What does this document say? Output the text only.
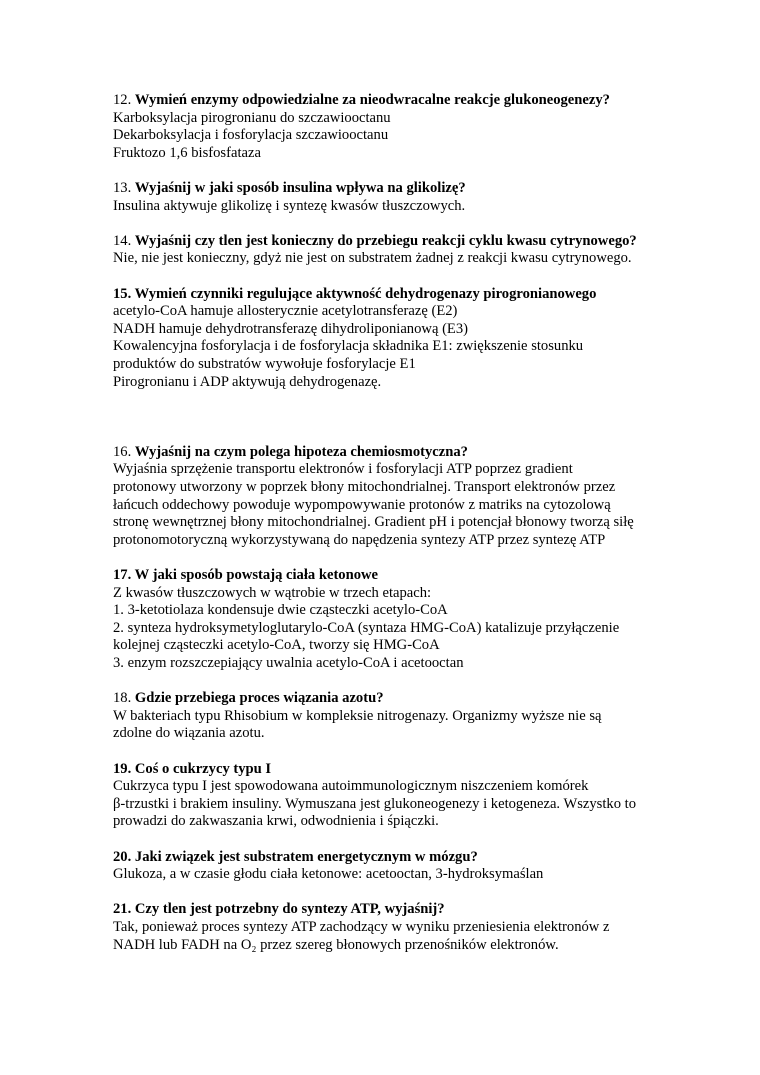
12. Wymień enzymy odpowiedzialne za nieodwracalne reakcje glukoneogenezy?
Karboksylacja pirogronianu do szczawiooctanu
Dekarboksylacja i fosforylacja szczawiooctanu
Fruktozo 1,6 bisfosfataza
13. Wyjaśnij w jaki sposób insulina wpływa na glikolizę?
Insulina aktywuje glikolizę i syntezę kwasów tłuszczowych.
14. Wyjaśnij czy tlen jest konieczny do przebiegu reakcji cyklu kwasu cytrynowego?
Nie, nie jest konieczny, gdyż nie jest on substratem żadnej z reakcji kwasu cytrynowego.
15. Wymień czynniki regulujące aktywność dehydrogenazy pirogronianowego
acetylo-CoA hamuje allosterycznie acetylotransferazę (E2)
NADH hamuje dehydrotransferazę dihydroliponianową (E3)
Kowalencyjna fosforylacja i de fosforylacja składnika E1: zwiększenie stosunku
produktów do substratów wywołuje fosforylacje E1
Pirogronianu i ADP aktywują dehydrogenazę.
16. Wyjaśnij na czym polega hipoteza chemiosmotyczna?
Wyjaśnia sprzężenie transportu elektronów i fosforylacji ATP poprzez gradient
protonowy utworzony w poprzek błony mitochondrialnej. Transport elektronów przez
łańcuch oddechowy powoduje wypompowywanie protonów z matriks na cytozolową
stronę wewnętrznej błony mitochondrialnej. Gradient pH i potencjał błonowy tworzą siłę
protonomotoryczną wykorzystywaną do napędzenia syntezy ATP przez syntezę ATP
17. W jaki sposób powstają ciała ketonowe
Z kwasów tłuszczowych w wątrobie w trzech etapach:
1. 3-ketotiolaza kondensuje dwie cząsteczki acetylo-CoA
2. synteza hydroksymetyloglutarylo-CoA (syntaza HMG-CoA) katalizuje przyłączenie
kolejnej cząsteczki acetylo-CoA, tworzy się HMG-CoA
3. enzym rozszczepiający uwalnia acetylo-CoA i acetooctan
18. Gdzie przebiega proces wiązania azotu?
W bakteriach typu Rhisobium w kompleksie nitrogenazy. Organizmy wyższe nie są
zdolne do wiązania azotu.
19. Coś o cukrzycy typu I
Cukrzyca typu I jest spowodowana autoimmunologicznym niszczeniem komórek
β-trzustki i brakiem insuliny. Wymuszana jest glukoneogenezy i ketogeneza. Wszystko to
prowadzi do zakwaszania krwi, odwodnienia i śpiączki.
20. Jaki związek jest substratem energetycznym w mózgu?
Glukoza, a w czasie głodu ciała ketonowe: acetooctan, 3-hydroksymaślan
21. Czy tlen jest potrzebny do syntezy ATP, wyjaśnij?
Tak, ponieważ proces syntezy ATP zachodzący w wyniku przeniesienia elektronów z
NADH lub FADH na O₂ przez szereg błonowych przenośników elektronów.
